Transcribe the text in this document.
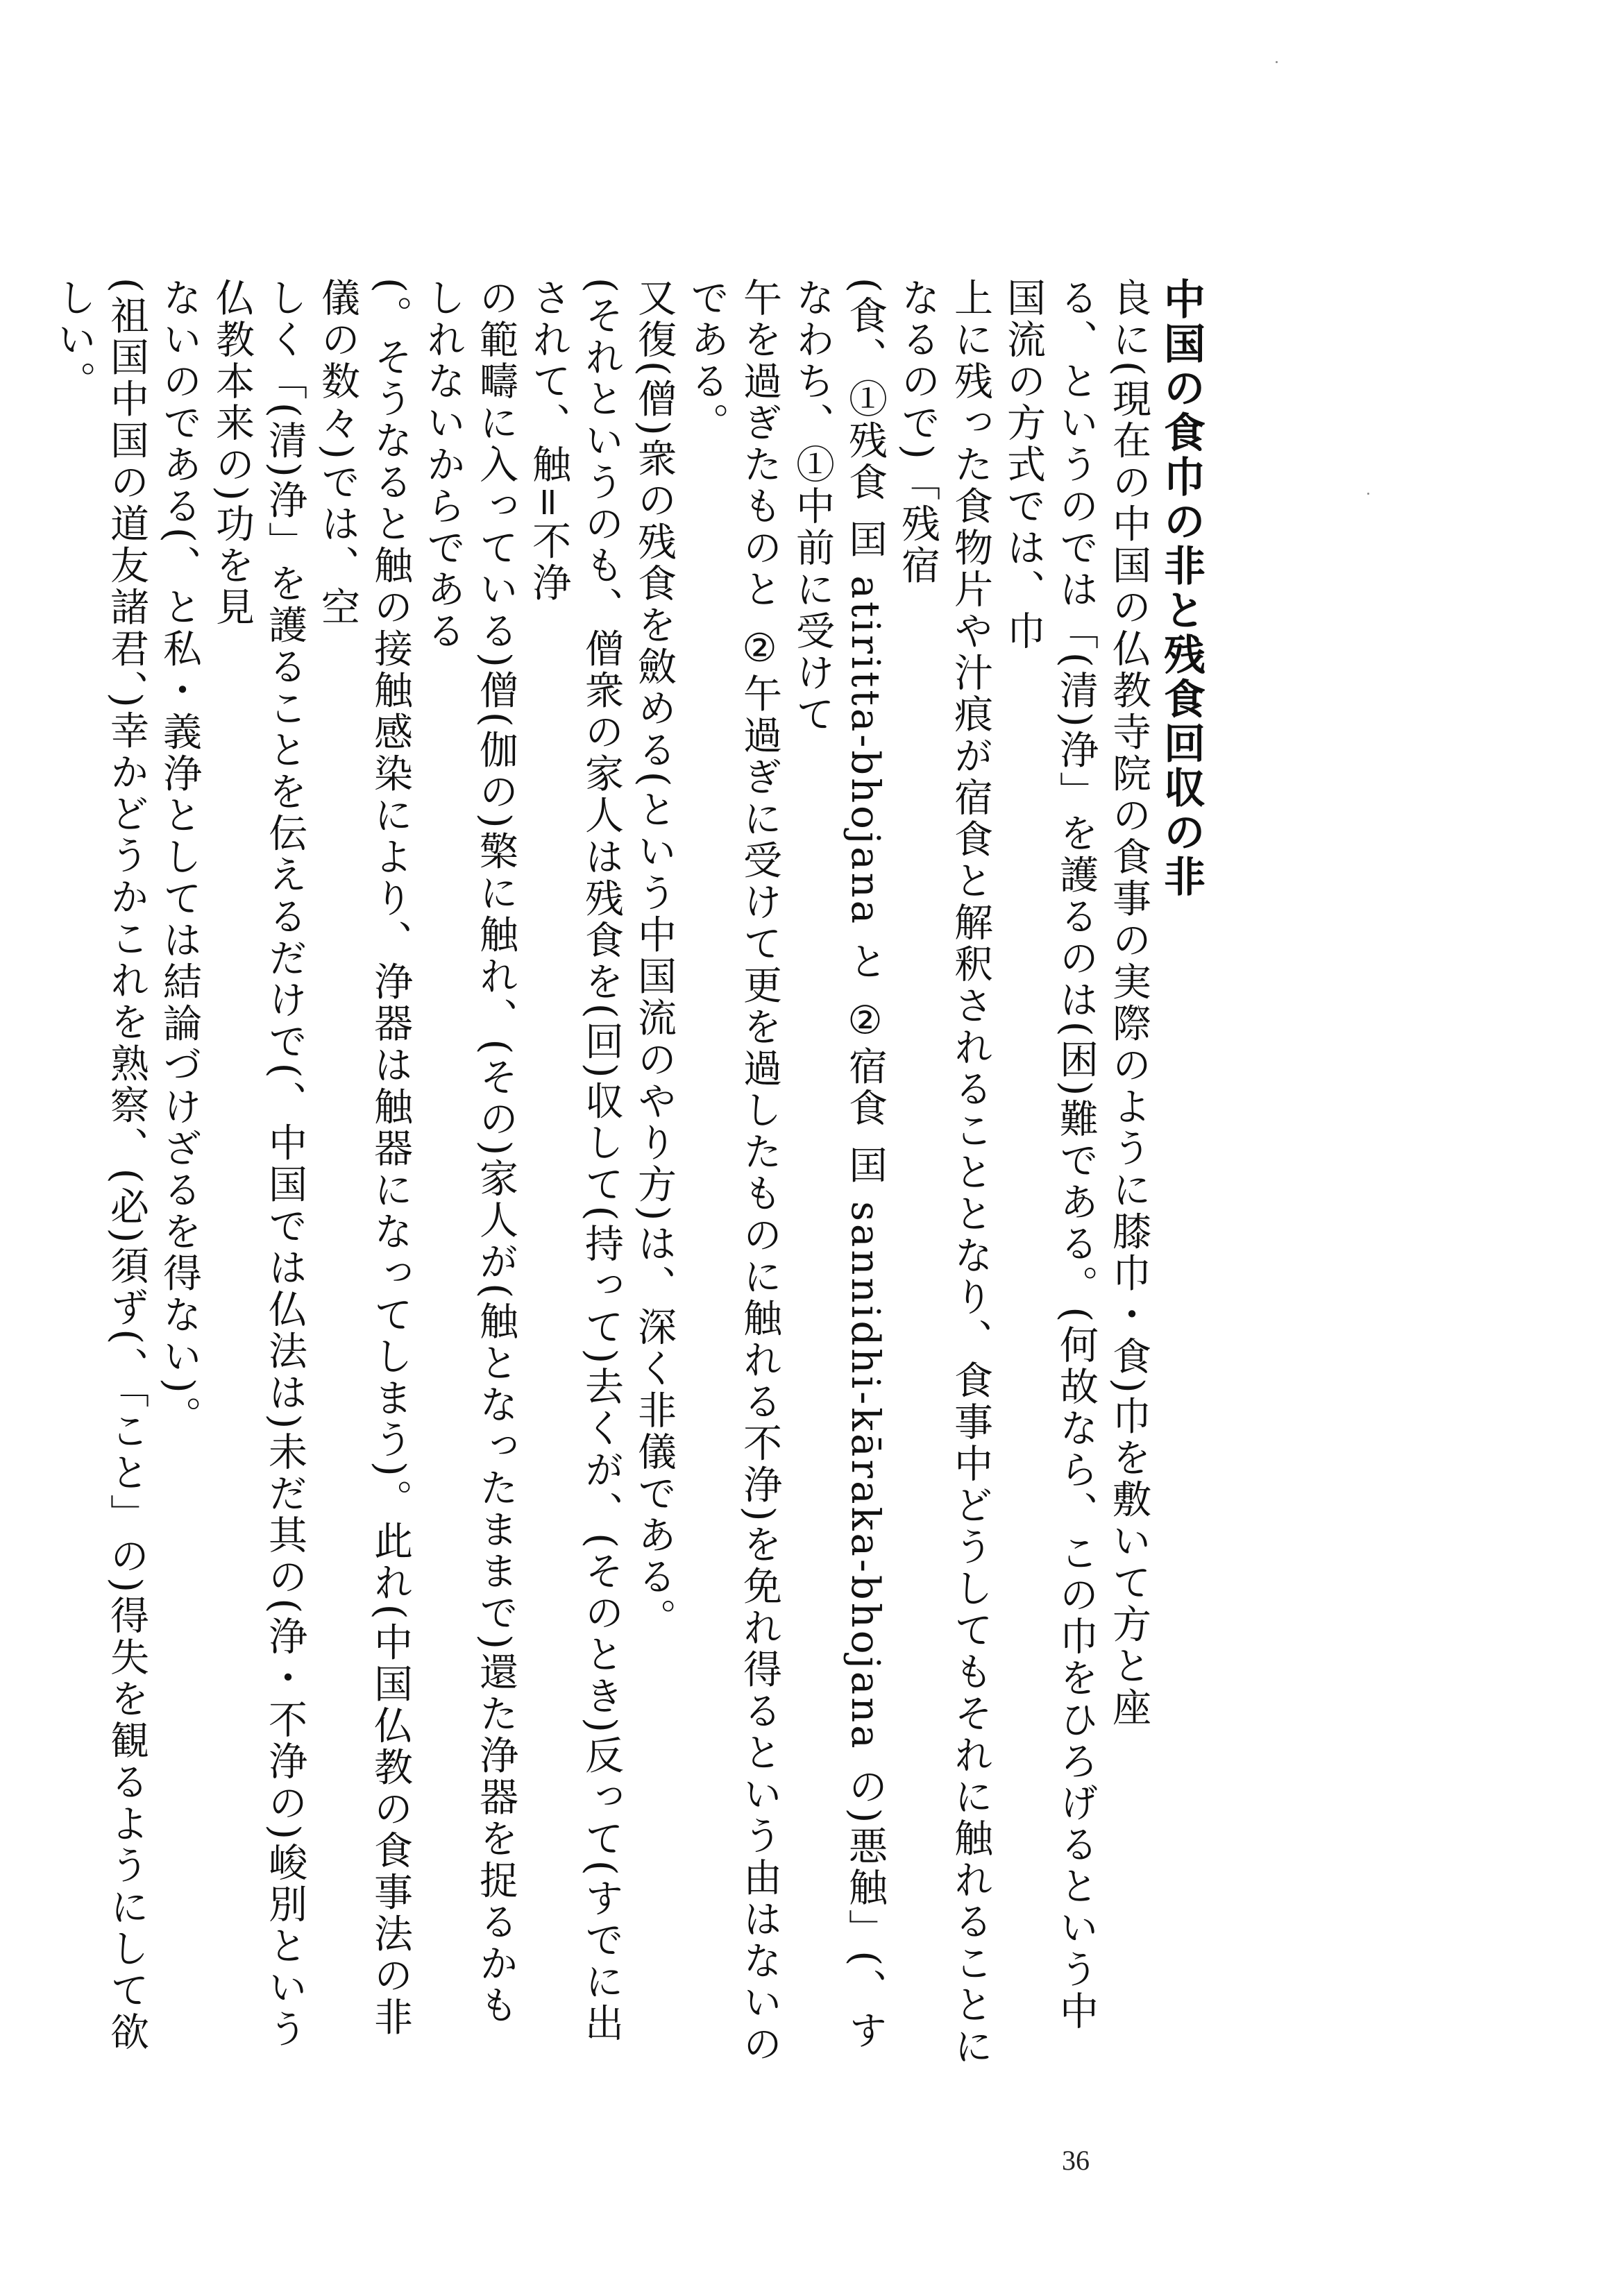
中国の食巾の非と残食回収の非
良に(現在の中国の仏教寺院の食事の実際のように膝巾・食)巾を敷いて方と座
る、というのでは「(清)浄」を護るのは(困)難である。(何故なら、この巾をひろげるという中国流の方式では、巾
上に残った食物片や汁痕が宿食と解釈されることとなり、食事中どうしてもそれに触れることになるので)「残宿
(食、①残食 囯 atiritta-bhojana と ②宿食 囯 sannidhi-kāraka-bhojana の)悪触」(、すなわち、①中前に受けて
午を過ぎたものと ②午過ぎに受けて更を過したものに触れる不浄)を免れ得るという由はないのである。
又復(僧)衆の残食を斂める(という中国流のやり方)は、深く非儀である。
(それというのも、僧衆の家人は残食を(回)収して(持って)去くが、(そのとき)反って(すでに出されて、触=不浄
の範疇に入っている)僧(伽の)檠に触れ、(その)家人が(触となったままで)還た浄器を捉るかもしれないからである
(。そうなると触の接触感染により、浄器は触器になってしまう)。此れ(中国仏教の食事法の非儀の数々)では、空
しく「(清)浄」を護ることを伝えるだけで(、中国では仏法は)未だ其の(浄・不浄の)峻別という仏教本来の)功を見
ないのである(、と私・義浄としては結論づけざるを得ない)。
(祖国中国の道友諸君、)幸かどうかこれを熟察、(必)須ず(、「こと」の)得失を観るようにして欲しい。
36
